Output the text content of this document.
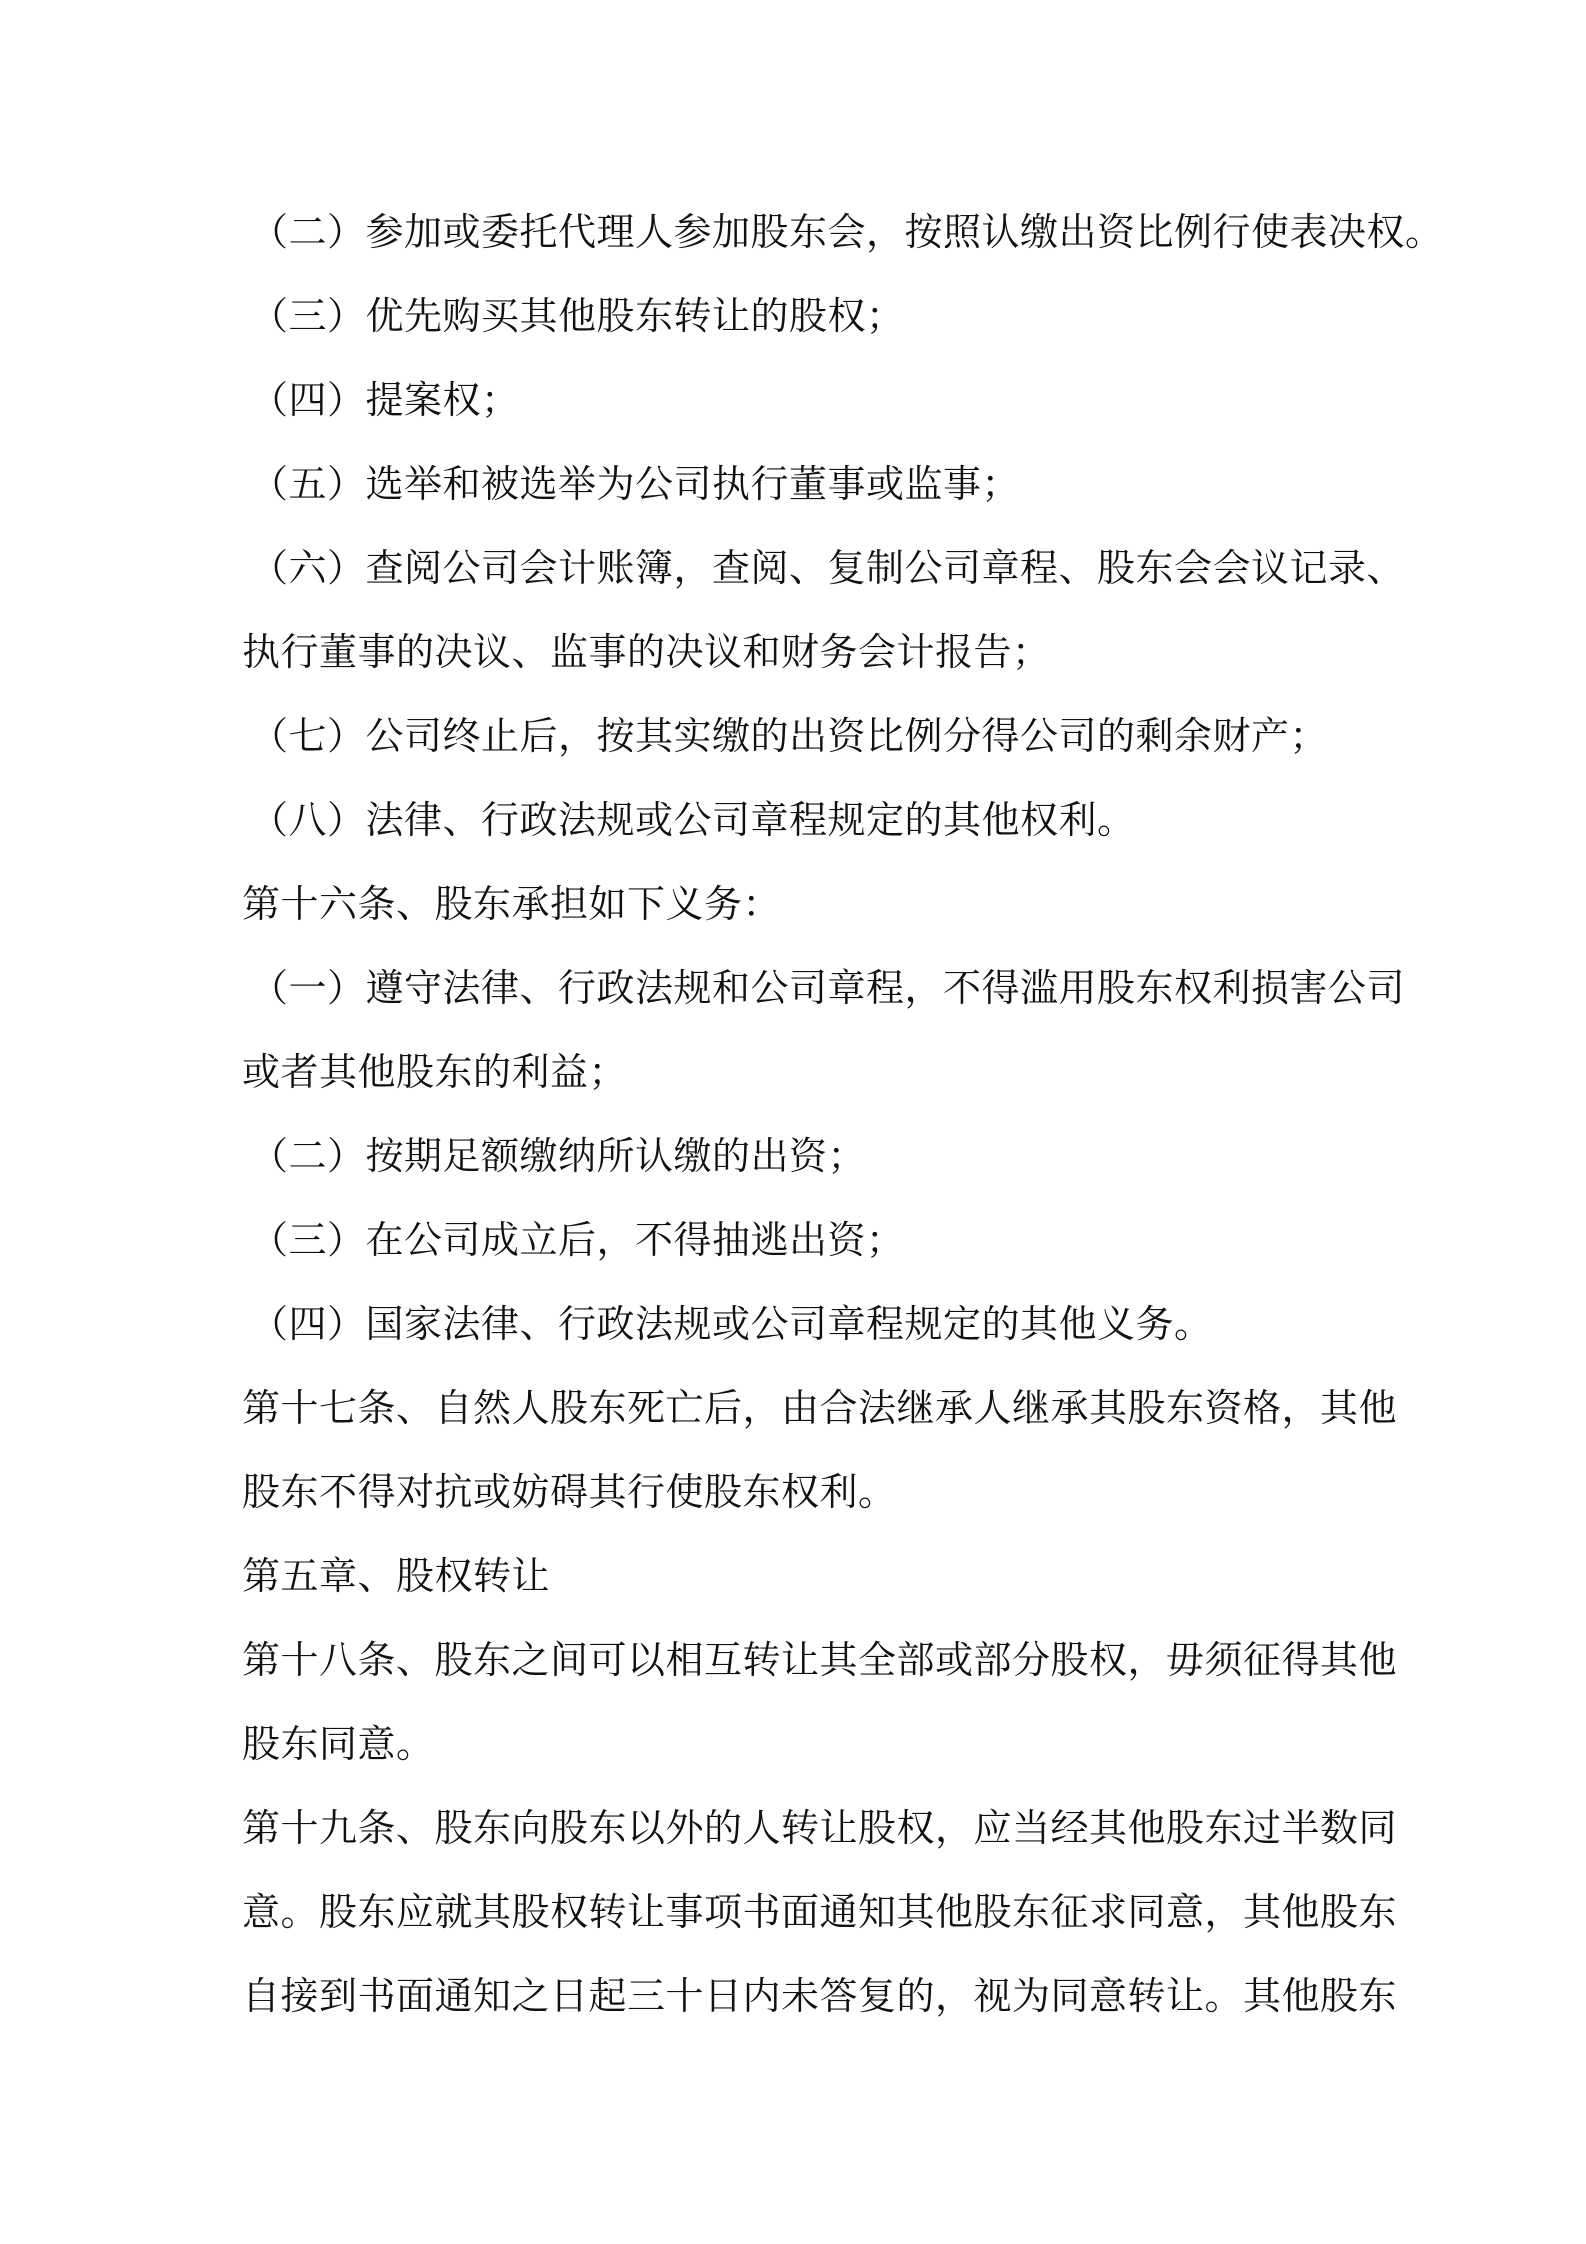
（二）参加或委托代理人参加股东会，按照认缴出资比例行使表决权。
（三）优先购买其他股东转让的股权；
（四）提案权；
（五）选举和被选举为公司执行董事或监事；
（六）查阅公司会计账簿，查阅、复制公司章程、股东会会议记录、
执行董事的决议、监事的决议和财务会计报告；
（七）公司终止后，按其实缴的出资比例分得公司的剩余财产；
（八）法律、行政法规或公司章程规定的其他权利。
第十六条、股东承担如下义务：
（一）遵守法律、行政法规和公司章程，不得滥用股东权利损害公司
或者其他股东的利益；
（二）按期足额缴纳所认缴的出资；
（三）在公司成立后，不得抽逃出资；
（四）国家法律、行政法规或公司章程规定的其他义务。
第十七条、自然人股东死亡后，由合法继承人继承其股东资格，其他
股东不得对抗或妨碍其行使股东权利。
第五章、股权转让
第十八条、股东之间可以相互转让其全部或部分股权，毋须征得其他
股东同意。
第十九条、股东向股东以外的人转让股权，应当经其他股东过半数同
意。股东应就其股权转让事项书面通知其他股东征求同意，其他股东
自接到书面通知之日起三十日内未答复的，视为同意转让。其他股东
